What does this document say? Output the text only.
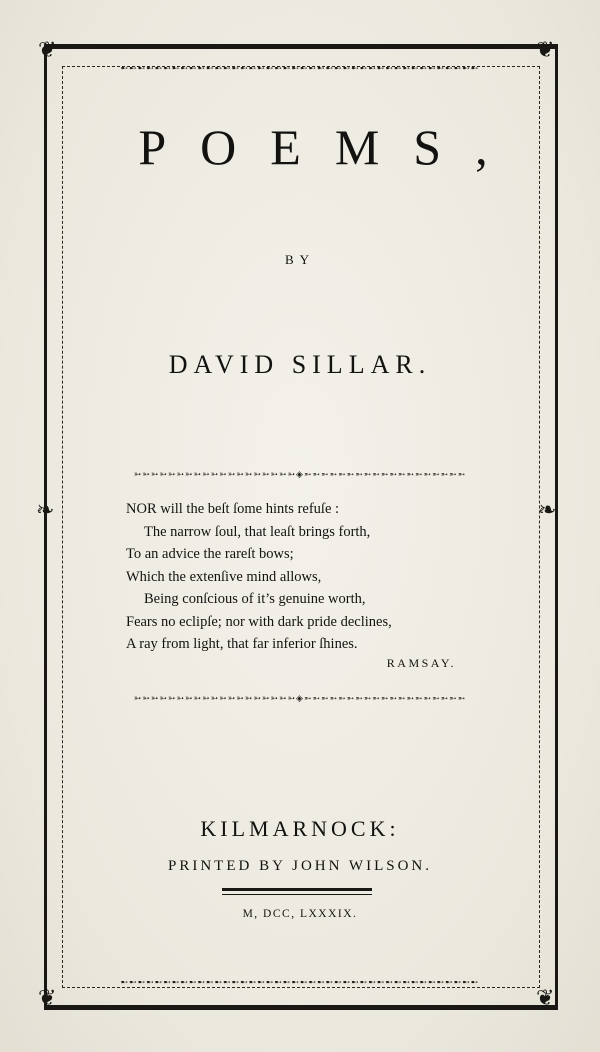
➸➸➸➸➸➸➸➸➸➸➸➸➸➸➸➸➸➸➸➸➸➸➸➸➸➸➸➸➸➸➸➸➸➸➸➸➸➸➸➸➸➸
➸➸➸➸➸➸➸➸➸➸➸➸➸➸➸➸➸➸➸➸➸➸➸➸➸➸➸➸➸➸➸➸➸➸➸➸➸➸➸➸➸➸
❦	❦
❦	❦
❧	❧
POEMS,
BY
DAVID SILLAR.
➳➳➳➳➳➳➳➳➳➳➳➳➳➳➳➳➳➳➳◈➵➵➵➵➵➵➵➵➵➵➵➵➵➵➵➵➵➵➵
NOR will the beſt ſome hints refuſe :
The narrow ſoul, that leaſt brings forth,
To an advice the rareſt bows;
Which the extenſive mind allows,
Being conſcious of it’s genuine worth,
Fears no eclipſe; nor with dark pride declines,
A ray from light, that far inferior ſhines.
RAMSAY.
➳➳➳➳➳➳➳➳➳➳➳➳➳➳➳➳➳➳➳◈➵➵➵➵➵➵➵➵➵➵➵➵➵➵➵➵➵➵➵
KILMARNOCK:
PRINTED BY JOHN WILSON.
M, DCC, LXXXIX.
